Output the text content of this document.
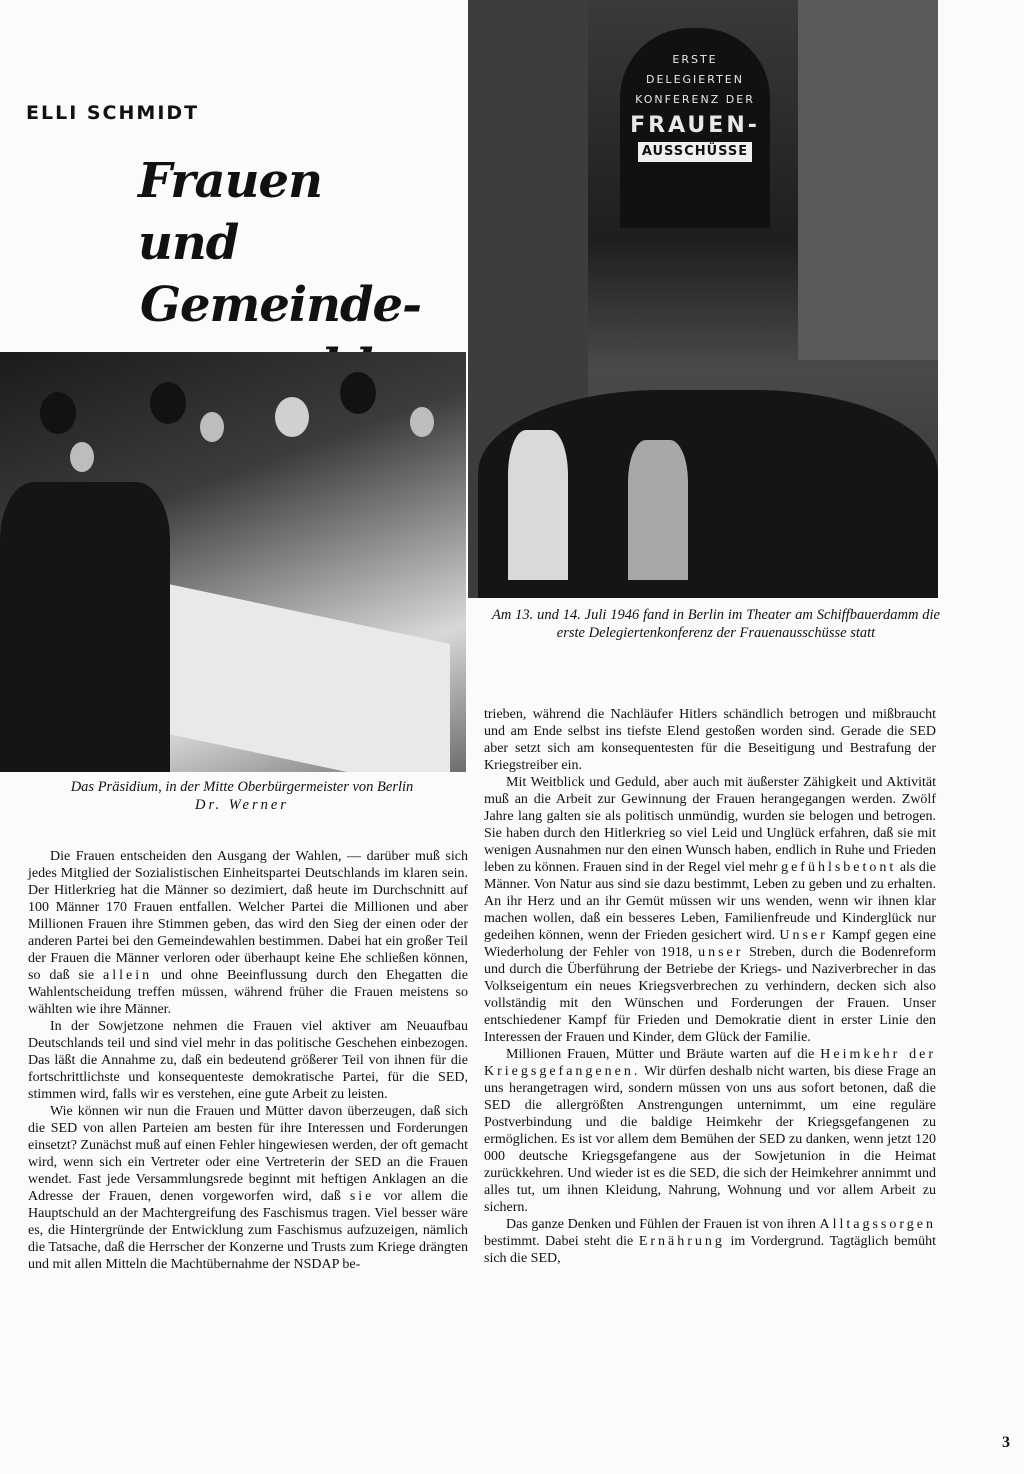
ELLI SCHMIDT
Frauen und
Gemeinde-
ERSTE
DELEGIERTEN
KONFERENZ DER
FRAUEN-
AUSSCHÜSSE
Am 13. und 14. Juli 1946 fand in Berlin im Theater am Schiffbauerdamm die erste Delegiertenkonferenz der Frauenausschüsse statt
Das Präsidium, in der Mitte Oberbürgermeister von Berlin
Dr. Werner

Die Frauen entscheiden den Ausgang der Wahlen, — darüber muß sich jedes Mitglied der Sozialistischen Einheitspartei Deutschlands im klaren sein. Der Hitlerkrieg hat die Männer so dezimiert, daß heute im Durchschnitt auf 100 Männer 170 Frauen entfallen. Welcher Partei die Millionen und aber Millionen Frauen ihre Stimmen geben, das wird den Sieg der einen oder der anderen Partei bei den Gemeindewahlen bestimmen. Dabei hat ein großer Teil der Frauen die Männer verloren oder überhaupt keine Ehe schließen können, so daß sie allein und ohne Beeinflussung durch den Ehegatten die Wahlentscheidung treffen müssen, während früher die Frauen meistens so wählten wie ihre Männer.

In der Sowjetzone nehmen die Frauen viel aktiver am Neuaufbau Deutschlands teil und sind viel mehr in das politische Geschehen einbezogen. Das läßt die Annahme zu, daß ein bedeutend größerer Teil von ihnen für die fortschrittlichste und konsequenteste demokratische Partei, für die SED, stimmen wird, falls wir es verstehen, eine gute Arbeit zu leisten.

Wie können wir nun die Frauen und Mütter davon überzeugen, daß sich die SED von allen Parteien am besten für ihre Interessen und Forderungen einsetzt? Zunächst muß auf einen Fehler hingewiesen werden, der oft gemacht wird, wenn sich ein Vertreter oder eine Vertreterin der SED an die Frauen wendet. Fast jede Versammlungsrede beginnt mit heftigen Anklagen an die Adresse der Frauen, denen vorgeworfen wird, daß sie vor allem die Hauptschuld an der Machtergreifung des Faschismus tragen. Viel besser wäre es, die Hintergründe der Entwicklung zum Faschismus aufzuzeigen, nämlich die Tatsache, daß die Herrscher der Konzerne und Trusts zum Kriege drängten und mit allen Mitteln die Machtübernahme der NSDAP be-

trieben, während die Nachläufer Hitlers schändlich betrogen und mißbraucht und am Ende selbst ins tiefste Elend gestoßen worden sind. Gerade die SED aber setzt sich am konsequentesten für die Beseitigung und Bestrafung der Kriegstreiber ein.

Mit Weitblick und Geduld, aber auch mit äußerster Zähigkeit und Aktivität muß an die Arbeit zur Gewinnung der Frauen herangegangen werden. Zwölf Jahre lang galten sie als politisch unmündig, wurden sie belogen und betrogen. Sie haben durch den Hitlerkrieg so viel Leid und Unglück erfahren, daß sie mit wenigen Ausnahmen nur den einen Wunsch haben, endlich in Ruhe und Frieden leben zu können. Frauen sind in der Regel viel mehr gefühlsbetont als die Männer. Von Natur aus sind sie dazu bestimmt, Leben zu geben und zu erhalten. An ihr Herz und an ihr Gemüt müssen wir uns wenden, wenn wir ihnen klar machen wollen, daß ein besseres Leben, Familienfreude und Kinderglück nur gedeihen können, wenn der Frieden gesichert wird. Unser Kampf gegen eine Wiederholung der Fehler von 1918, unser Streben, durch die Bodenreform und durch die Überführung der Betriebe der Kriegs- und Naziverbrecher in das Volkseigentum ein neues Kriegsverbrechen zu verhindern, decken sich also vollständig mit den Wünschen und Forderungen der Frauen. Unser entschiedener Kampf für Frieden und Demokratie dient in erster Linie den Interessen der Frauen und Kinder, dem Glück der Familie.

Millionen Frauen, Mütter und Bräute warten auf die Heimkehr der Kriegsgefangenen. Wir dürfen deshalb nicht warten, bis diese Frage an uns herangetragen wird, sondern müssen von uns aus sofort betonen, daß die SED die allergrößten Anstrengungen unternimmt, um eine reguläre Postverbindung und die baldige Heimkehr der Kriegsgefangenen zu ermöglichen. Es ist vor allem dem Bemühen der SED zu danken, wenn jetzt 120 000 deutsche Kriegsgefangene aus der Sowjetunion in die Heimat zurückkehren. Und wieder ist es die SED, die sich der Heimkehrer annimmt und alles tut, um ihnen Kleidung, Nahrung, Wohnung und vor allem Arbeit zu sichern.

Das ganze Denken und Fühlen der Frauen ist von ihren Alltagssorgen bestimmt. Dabei steht die Ernährung im Vordergrund. Tagtäglich bemüht sich die SED,

3
